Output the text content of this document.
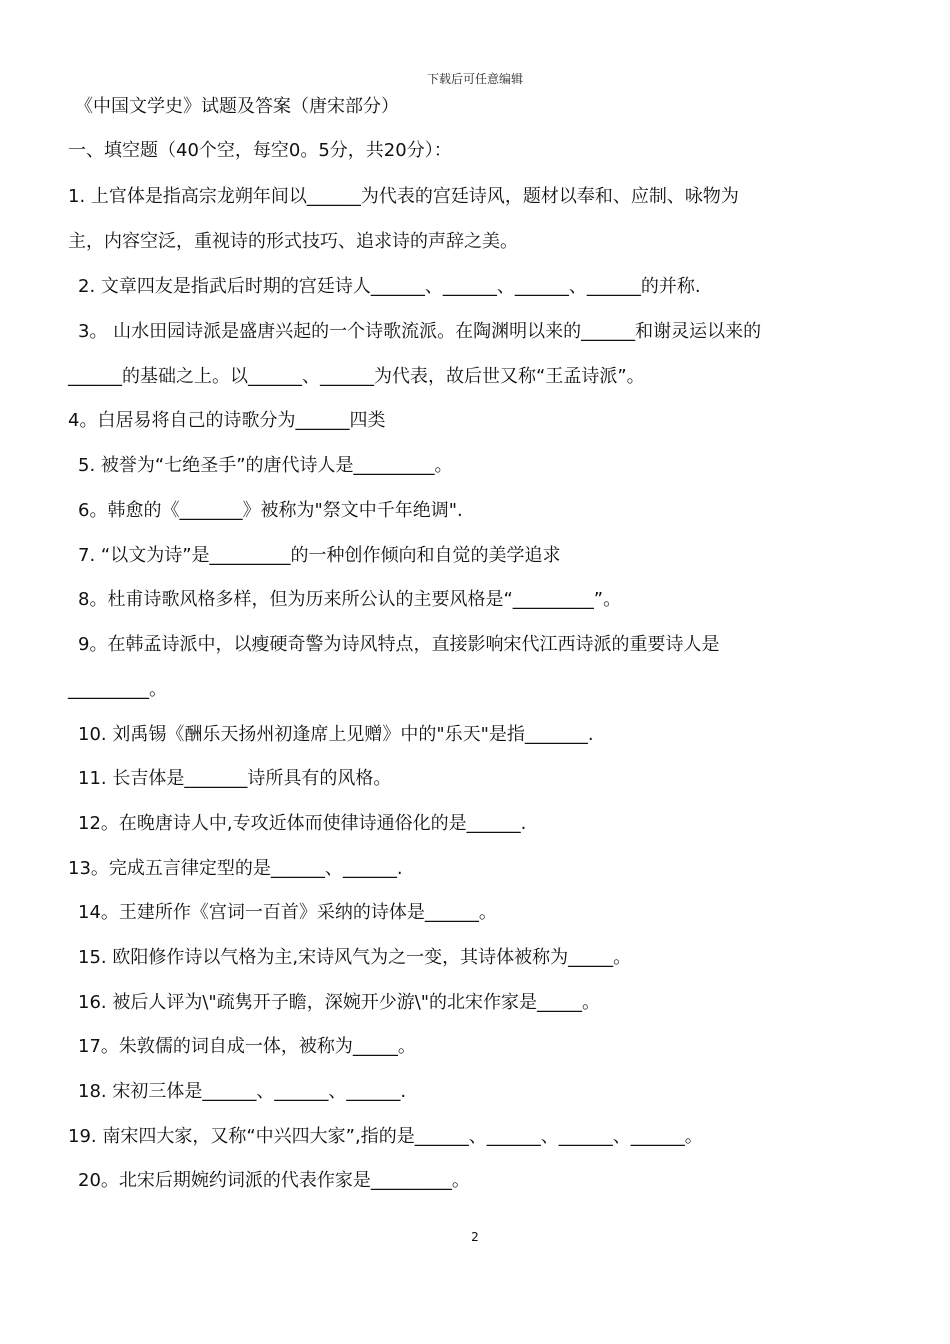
下载后可任意编辑
《中国文学史》试题及答案（唐宋部分）
一、填空题（40个空，每空0。5分，共20分）：
1. 上官体是指高宗龙朔年间以______为代表的宫廷诗风，题材以奉和、应制、咏物为
主，内容空泛，重视诗的形式技巧、追求诗的声辞之美。
2. 文章四友是指武后时期的宫廷诗人______、______、______、______的并称.
3。 山水田园诗派是盛唐兴起的一个诗歌流派。在陶渊明以来的______和谢灵运以来的
______的基础之上。以______、______为代表，故后世又称“王孟诗派”。
4。白居易将自己的诗歌分为______四类
5. 被誉为“七绝圣手”的唐代诗人是_________。
6。韩愈的《_______》被称为"祭文中千年绝调".
7. “以文为诗”是_________的一种创作倾向和自觉的美学追求
8。杜甫诗歌风格多样，但为历来所公认的主要风格是“_________”。
9。在韩孟诗派中，以瘦硬奇警为诗风特点，直接影响宋代江西诗派的重要诗人是
_________。
10. 刘禹锡《酬乐天扬州初逢席上见赠》中的"乐天"是指_______.
11. 长吉体是_______诗所具有的风格。
12。在晚唐诗人中,专攻近体而使律诗通俗化的是______.
13。完成五言律定型的是______、______.
14。王建所作《宫词一百首》采纳的诗体是______。
15. 欧阳修作诗以气格为主,宋诗风气为之一变，其诗体被称为_____。
16. 被后人评为\"疏隽开子瞻，深婉开少游\"的北宋作家是_____。
17。朱敦儒的词自成一体，被称为_____。
18. 宋初三体是______、______、______.
19. 南宋四大家，又称“中兴四大家”,指的是______、______、______、______。
20。北宋后期婉约词派的代表作家是_________。
2
